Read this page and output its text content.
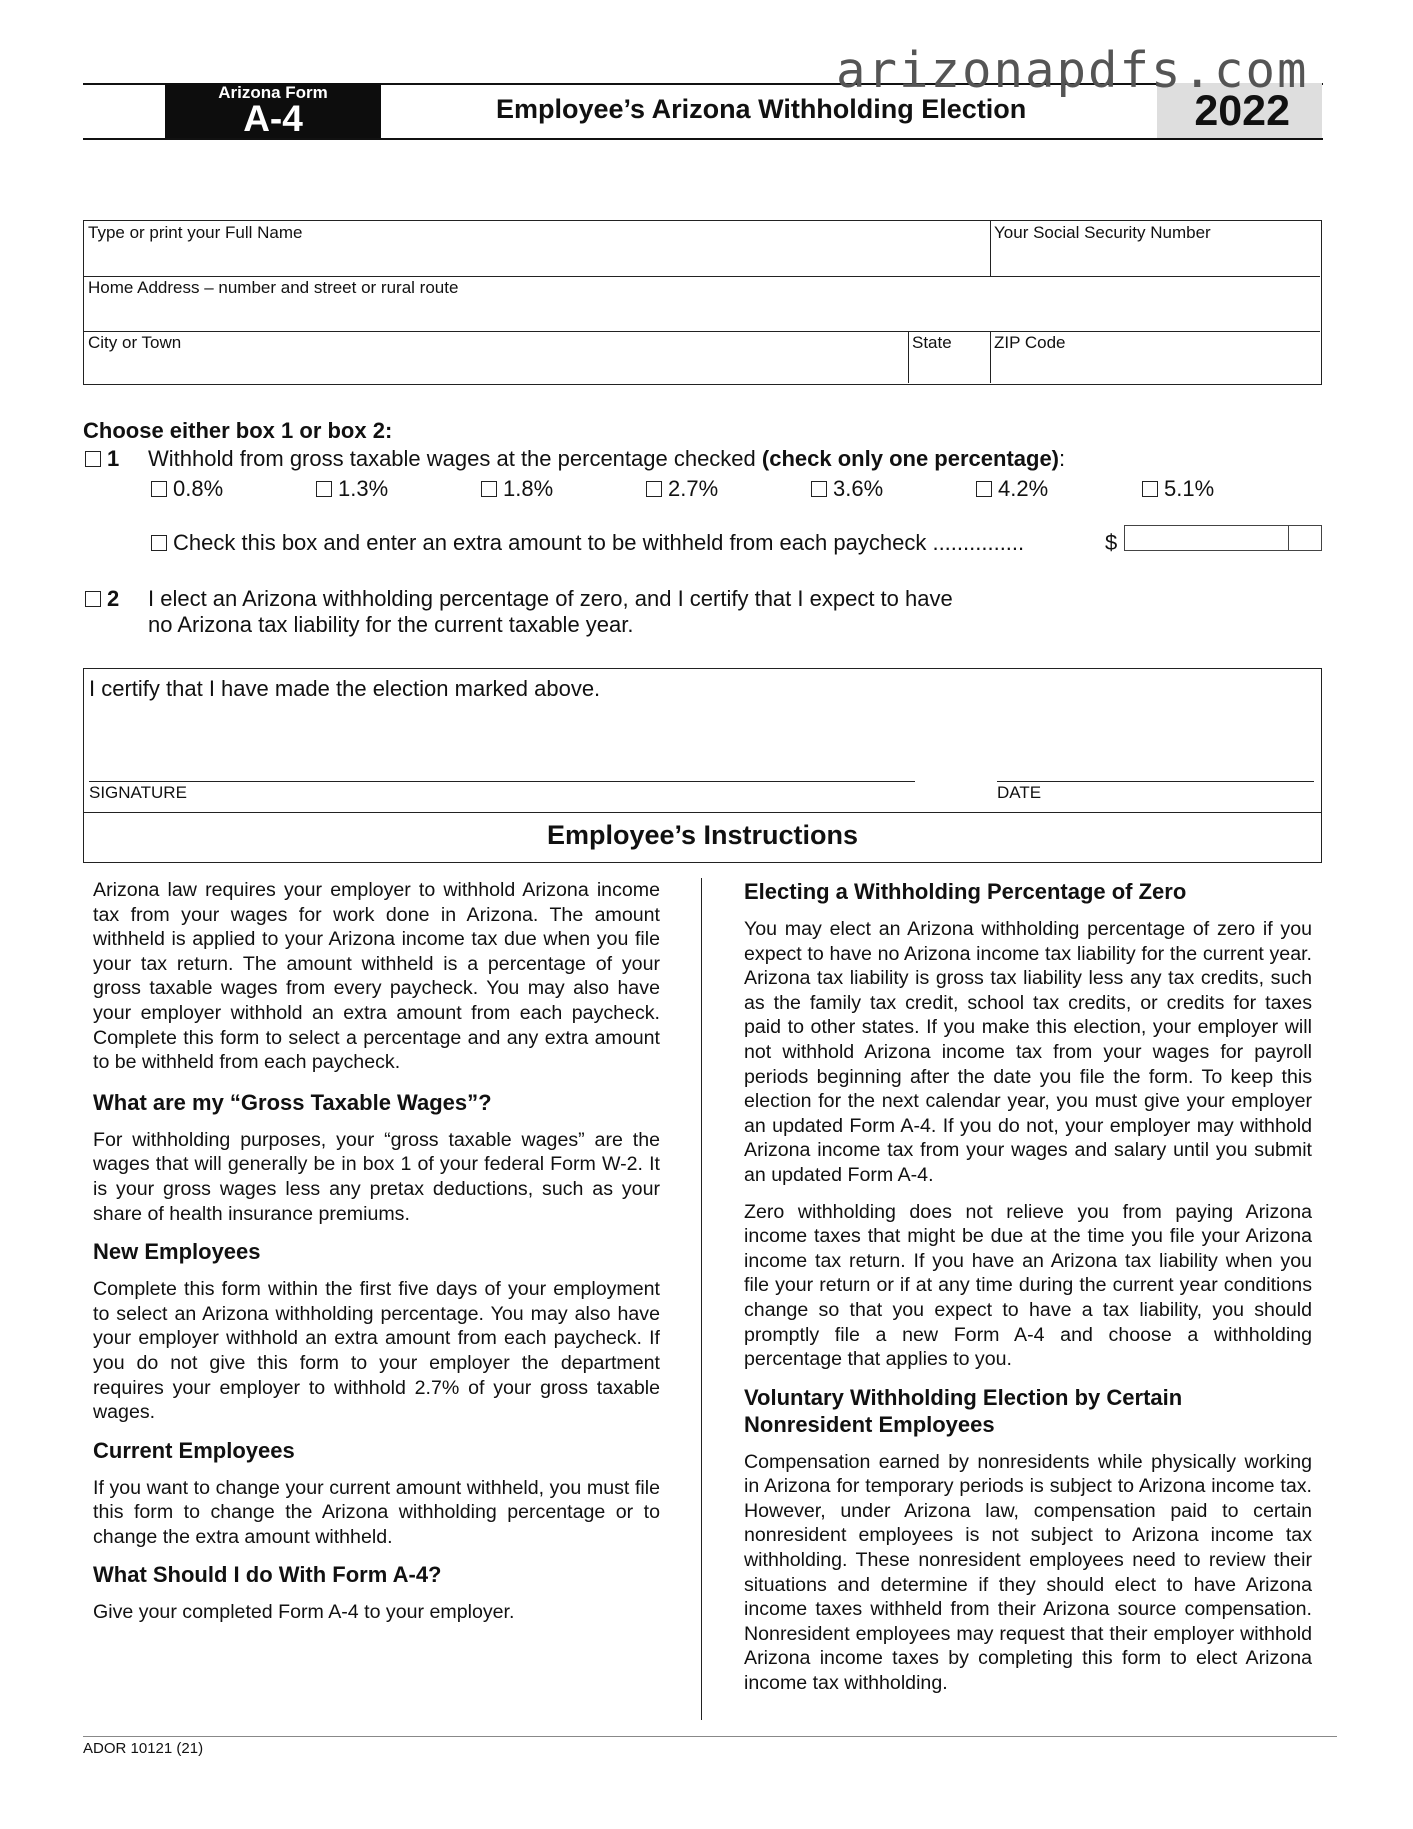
arizonapdfs.com
Arizona Form
A-4	Employee’s Arizona Withholding Election	2022
Type or print your Full Name	Your Social Security Number
Home Address – number and street or rural route
City or Town	State	ZIP Code
Choose either box 1 or box 2:
1 Withhold from gross taxable wages at the percentage checked (check only one percentage):
0.8%	1.3%	1.8%	2.7%	3.6%	4.2%	5.1%
Check this box and enter an extra amount to be withheld from each paycheck ...............	$
2 I elect an Arizona withholding percentage of zero, and I certify that I expect to have
no Arizona tax liability for the current taxable year.
I certify that I have made the election marked above.
SIGNATURE	DATE
Employee’s Instructions

Arizona law requires your employer to withhold Arizona income tax from your wages for work done in Arizona. The amount withheld is applied to your Arizona income tax due when you file your tax return. The amount withheld is a percentage of your gross taxable wages from every paycheck. You may also have your employer withhold an extra amount from each paycheck. Complete this form to select a percentage and any extra amount to be withheld from each paycheck.

What are my “Gross Taxable Wages”?

For withholding purposes, your “gross taxable wages” are the wages that will generally be in box 1 of your federal Form W-2. It is your gross wages less any pretax deductions, such as your share of health insurance premiums.

New Employees

Complete this form within the first five days of your employment to select an Arizona withholding percentage. You may also have your employer withhold an extra amount from each paycheck. If you do not give this form to your employer the department requires your employer to withhold 2.7% of your gross taxable wages.

Current Employees

If you want to change your current amount withheld, you must file this form to change the Arizona withholding percentage or to change the extra amount withheld.

What Should I do With Form A-4?

Give your completed Form A-4 to your employer.

Electing a Withholding Percentage of Zero

You may elect an Arizona withholding percentage of zero if you expect to have no Arizona income tax liability for the current year. Arizona tax liability is gross tax liability less any tax credits, such as the family tax credit, school tax credits, or credits for taxes paid to other states. If you make this election, your employer will not withhold Arizona income tax from your wages for payroll periods beginning after the date you file the form. To keep this election for the next calendar year, you must give your employer an updated Form A-4. If you do not, your employer may withhold Arizona income tax from your wages and salary until you submit an updated Form A-4.

Zero withholding does not relieve you from paying Arizona income taxes that might be due at the time you file your Arizona income tax return. If you have an Arizona tax liability when you file your return or if at any time during the current year conditions change so that you expect to have a tax liability, you should promptly file a new Form A-4 and choose a withholding percentage that applies to you.

Voluntary Withholding Election by Certain Nonresident Employees

Compensation earned by nonresidents while physically working in Arizona for temporary periods is subject to Arizona income tax. However, under Arizona law, compensation paid to certain nonresident employees is not subject to Arizona income tax withholding. These nonresident employees need to review their situations and determine if they should elect to have Arizona income taxes withheld from their Arizona source compensation. Nonresident employees may request that their employer withhold Arizona income taxes by completing this form to elect Arizona income tax withholding.

ADOR 10121 (21)
